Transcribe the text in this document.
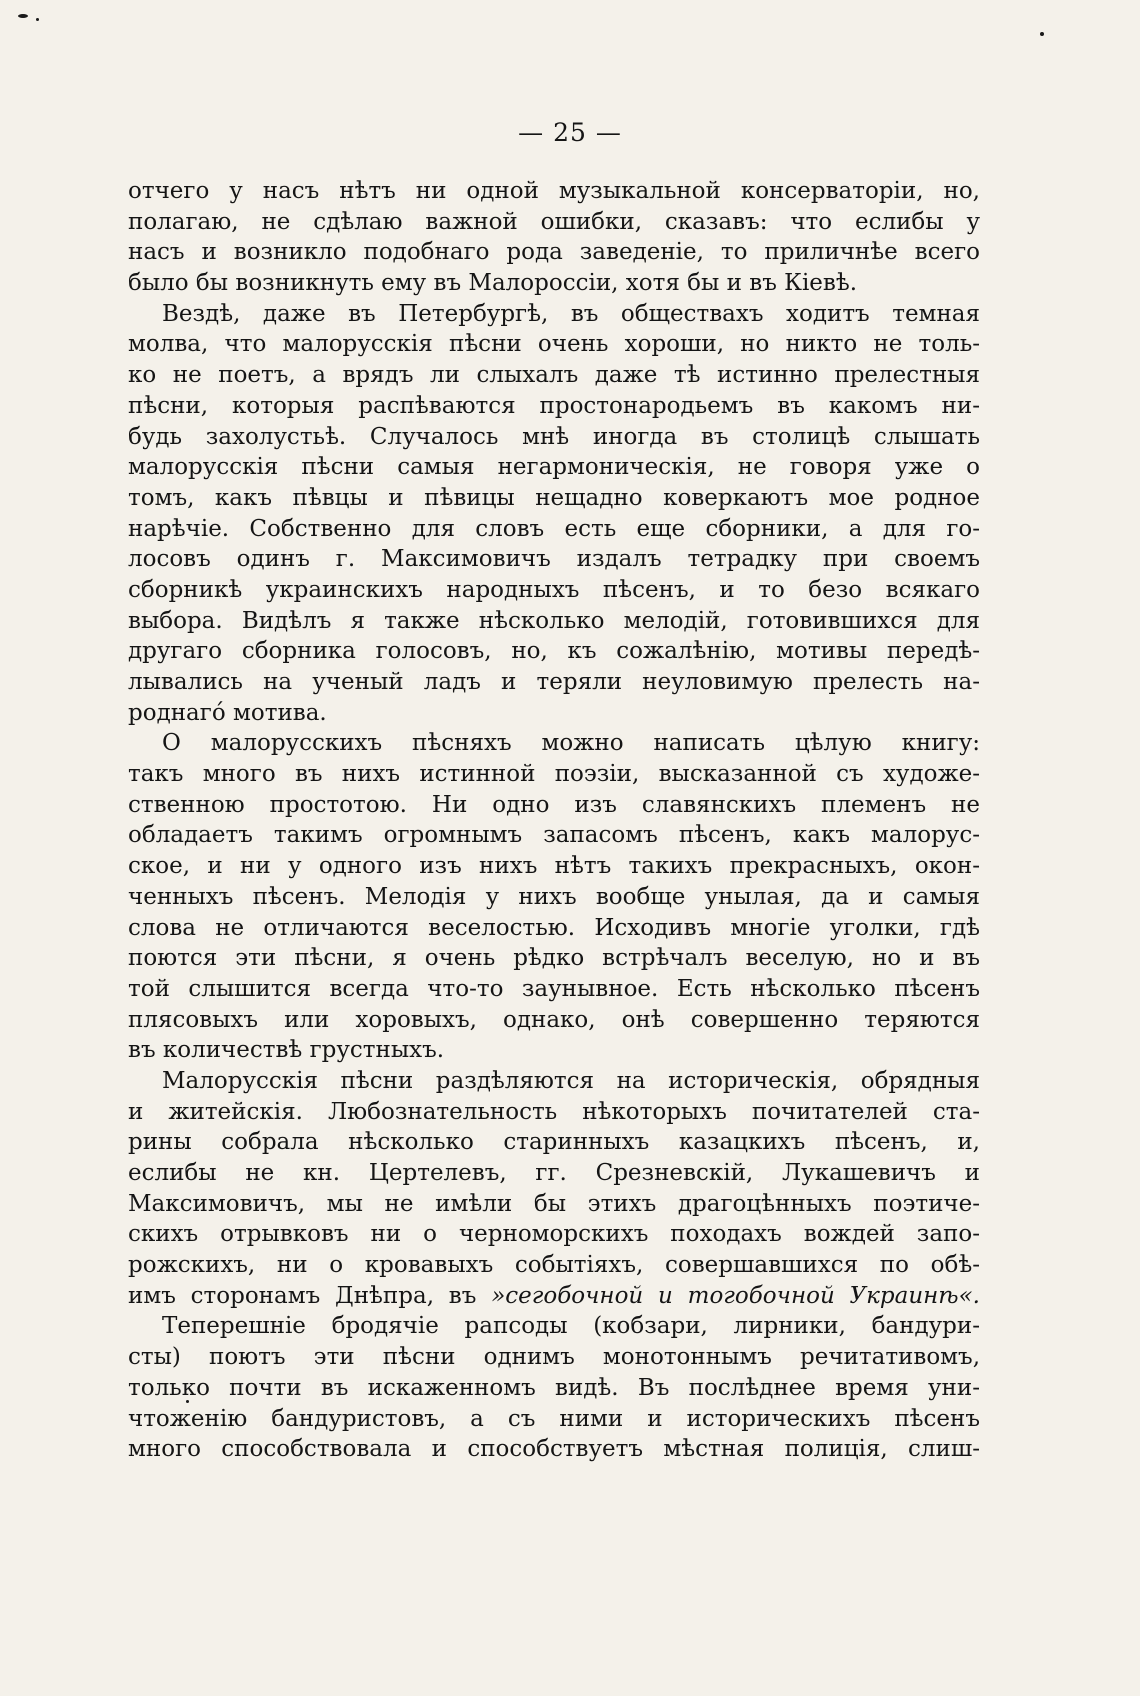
— 25 —
отчего у насъ нѣтъ ни одной музыкальной консерваторіи, но,
полагаю, не сдѣлаю важной ошибки, сказавъ: что еслибы у
насъ и возникло подобнаго рода заведеніе, то приличнѣе всего
было бы возникнуть ему въ Малороссіи, хотя бы и въ Кіевѣ.
Вездѣ, даже въ Петербургѣ, въ обществахъ ходитъ темная
молва, что малорусскія пѣсни очень хороши, но никто не толь-
ко не поетъ, а врядъ ли слыхалъ даже тѣ истинно прелестныя
пѣсни, которыя распѣваются простонародьемъ въ какомъ ни-
будь захолустьѣ. Случалось мнѣ иногда въ столицѣ слышать
малорусскія пѣсни самыя негармоническія, не говоря уже о
томъ, какъ пѣвцы и пѣвицы нещадно коверкаютъ мое родное
нарѣчіе. Собственно для словъ есть еще сборники, а для го-
лосовъ одинъ г. Максимовичъ издалъ тетрадку при своемъ
сборникѣ украинскихъ народныхъ пѣсенъ, и то безо всякаго
выбора. Видѣлъ я также нѣсколько мелодій, готовившихся для
другаго сборника голосовъ, но, къ сожалѣнію, мотивы передѣ-
лывались на ученый ладъ и теряли неуловимую прелесть на-
роднагó мотива.
О малорусскихъ пѣсняхъ можно написать цѣлую книгу:
такъ много въ нихъ истинной поэзіи, высказанной съ художе-
ственною простотою. Ни одно изъ славянскихъ племенъ не
обладаетъ такимъ огромнымъ запасомъ пѣсенъ, какъ малорус-
ское, и ни у одного изъ нихъ нѣтъ такихъ прекрасныхъ, окон-
ченныхъ пѣсенъ. Мелодія у нихъ вообще унылая, да и самыя
слова не отличаются веселостью. Исходивъ многіе уголки, гдѣ
поются эти пѣсни, я очень рѣдко встрѣчалъ веселую, но и въ
той слышится всегда что-то заунывное. Есть нѣсколько пѣсенъ
плясовыхъ или хоровыхъ, однако, онѣ совершенно теряются
въ количествѣ грустныхъ.
Малорусскія пѣсни раздѣляются на историческія, обрядныя
и житейскія. Любознательность нѣкоторыхъ почитателей ста-
рины собрала нѣсколько старинныхъ казацкихъ пѣсенъ, и,
еслибы не кн. Цертелевъ, гг. Срезневскій, Лукашевичъ и
Максимовичъ, мы не имѣли бы этихъ драгоцѣнныхъ поэтиче-
скихъ отрывковъ ни о черноморскихъ походахъ вождей запо-
рожскихъ, ни о кровавыхъ событіяхъ, совершавшихся по обѣ-
имъ сторонамъ Днѣпра, въ »сегобочной и тогобочной Украинѣ«.
Теперешніе бродячіе рапсоды (кобзари, лирники, бандури-
сты) поютъ эти пѣсни однимъ монотоннымъ речитативомъ,
только почти въ искаженномъ видѣ. Въ послѣднее время уни-
чтоженію бандуристовъ, а съ ними и историческихъ пѣсенъ
много способствовала и способствуетъ мѣстная полиція, слиш-
